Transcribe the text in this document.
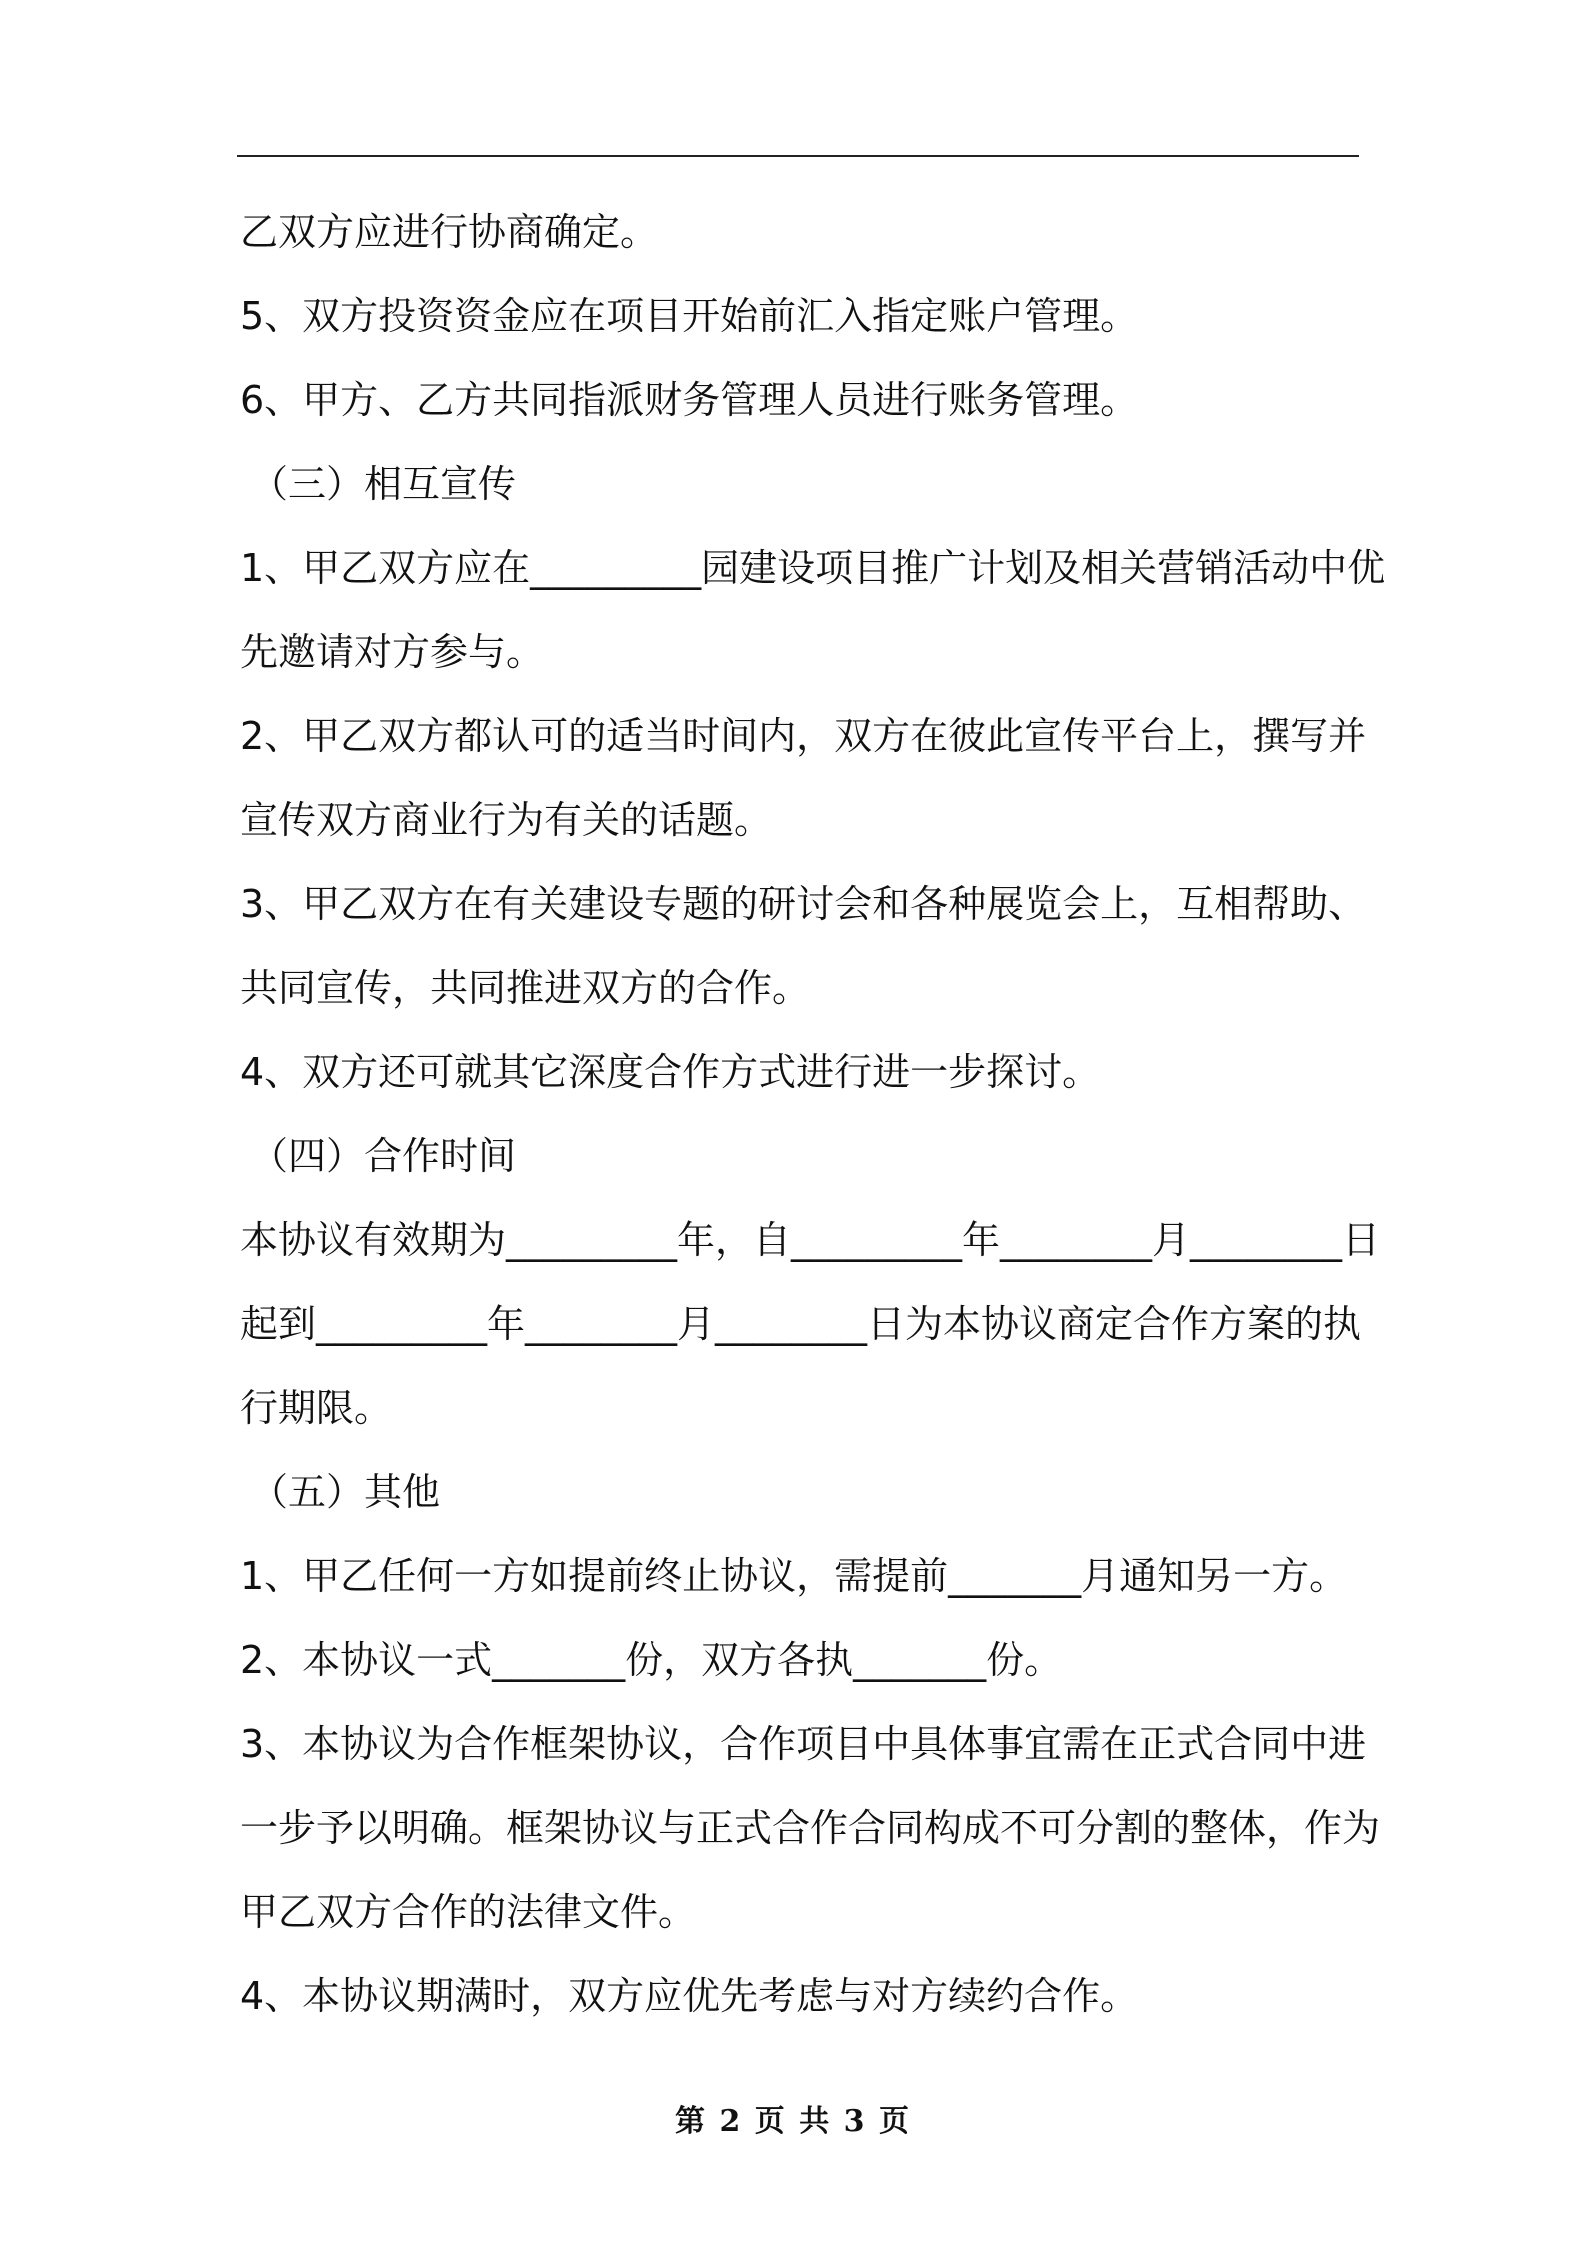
乙双方应进行协商确定。
5、双方投资资金应在项目开始前汇入指定账户管理。
6、甲方、乙方共同指派财务管理人员进行账务管理。
（三）相互宣传
1、甲乙双方应在_________园建设项目推广计划及相关营销活动中优
先邀请对方参与。
2、甲乙双方都认可的适当时间内，双方在彼此宣传平台上，撰写并
宣传双方商业行为有关的话题。
3、甲乙双方在有关建设专题的研讨会和各种展览会上，互相帮助、
共同宣传，共同推进双方的合作。
4、双方还可就其它深度合作方式进行进一步探讨。
（四）合作时间
本协议有效期为_________年，自_________年________月________日
起到_________年________月________日为本协议商定合作方案的执
行期限。
（五）其他
1、甲乙任何一方如提前终止协议，需提前_______月通知另一方。
2、本协议一式_______份，双方各执_______份。
3、本协议为合作框架协议，合作项目中具体事宜需在正式合同中进
一步予以明确。框架协议与正式合作合同构成不可分割的整体，作为
甲乙双方合作的法律文件。
4、本协议期满时，双方应优先考虑与对方续约合作。
第 2 页 共 3 页
